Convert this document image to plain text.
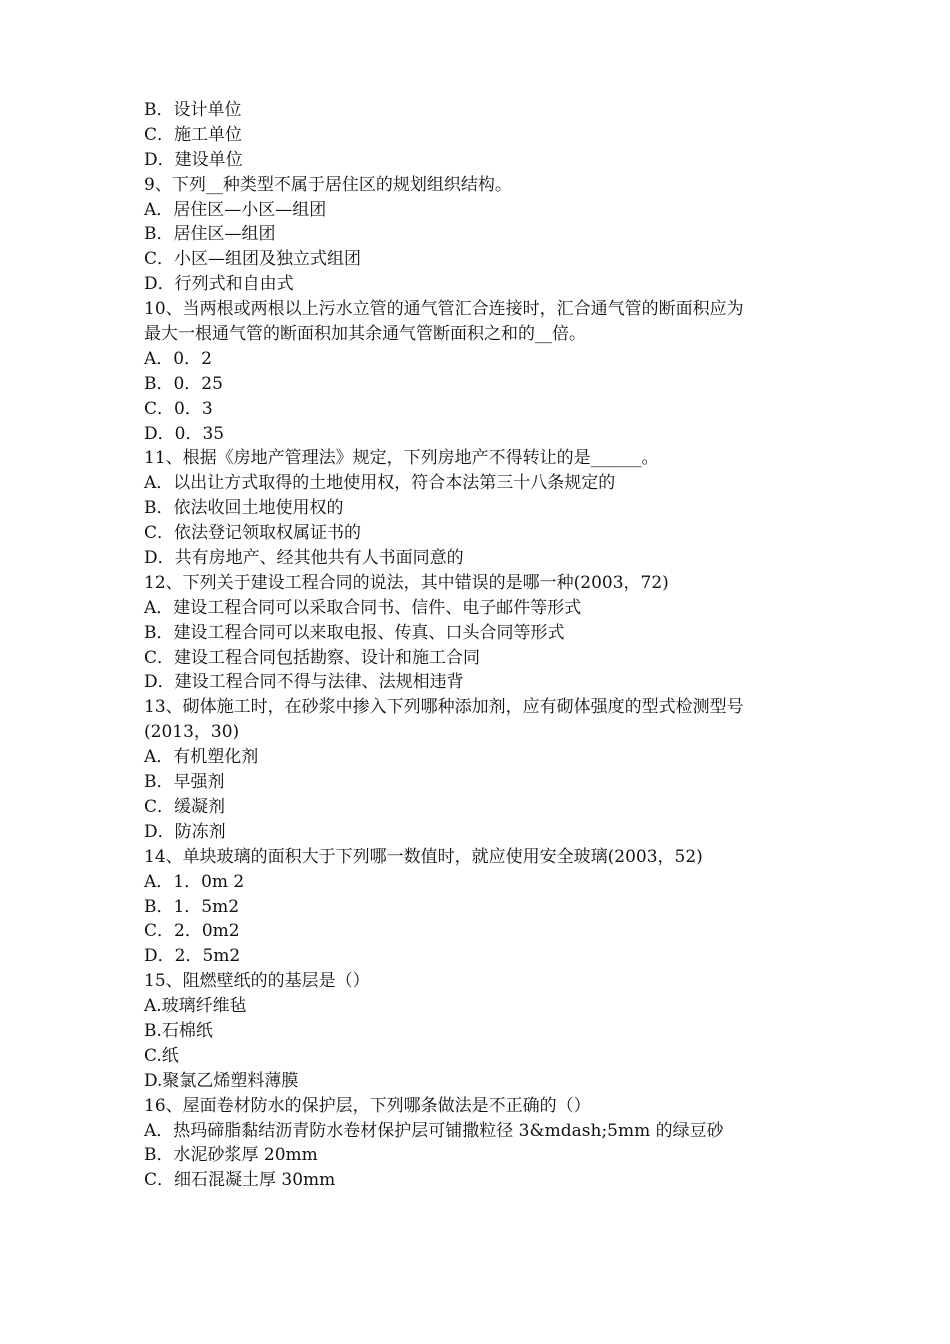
B．设计单位
C．施工单位
D．建设单位
9、下列__种类型不属于居住区的规划组织结构。
A．居住区—小区—组团
B．居住区—组团
C．小区—组团及独立式组团
D．行列式和自由式
10、当两根或两根以上污水立管的通气管汇合连接时，汇合通气管的断面积应为
最大一根通气管的断面积加其余通气管断面积之和的__倍。
A．0．2
B．0．25
C．0．3
D．0．35
11、根据《房地产管理法》规定，下列房地产不得转让的是______。
A．以出让方式取得的土地使用权，符合本法第三十八条规定的
B．依法收回土地使用权的
C．依法登记领取权属证书的
D．共有房地产、经其他共有人书面同意的
12、下列关于建设工程合同的说法，其中错误的是哪一种(2003，72)
A．建设工程合同可以采取合同书、信件、电子邮件等形式
B．建设工程合同可以来取电报、传真、口头合同等形式
C．建设工程合同包括勘察、设计和施工合同
D．建设工程合同不得与法律、法规相违背
13、砌体施工时，在砂浆中掺入下列哪种添加剂，应有砌体强度的型式检测型号
(2013，30)
A．有机塑化剂
B．早强剂
C．缓凝剂
D．防冻剂
14、单块玻璃的面积大于下列哪一数值时，就应使用安全玻璃(2003，52)
A．1．0m 2
B．1．5m2
C．2．0m2
D．2．5m2
15、阻燃壁纸的的基层是（）
A.玻璃纤维毡
B.石棉纸
C.纸
D.聚氯乙烯塑料薄膜
16、屋面卷材防水的保护层，下列哪条做法是不正确的（）
A．热玛碲脂黏结沥青防水卷材保护层可铺撒粒径 3&mdash;5mm 的绿豆砂
B．水泥砂浆厚 20mm
C．细石混凝土厚 30mm
